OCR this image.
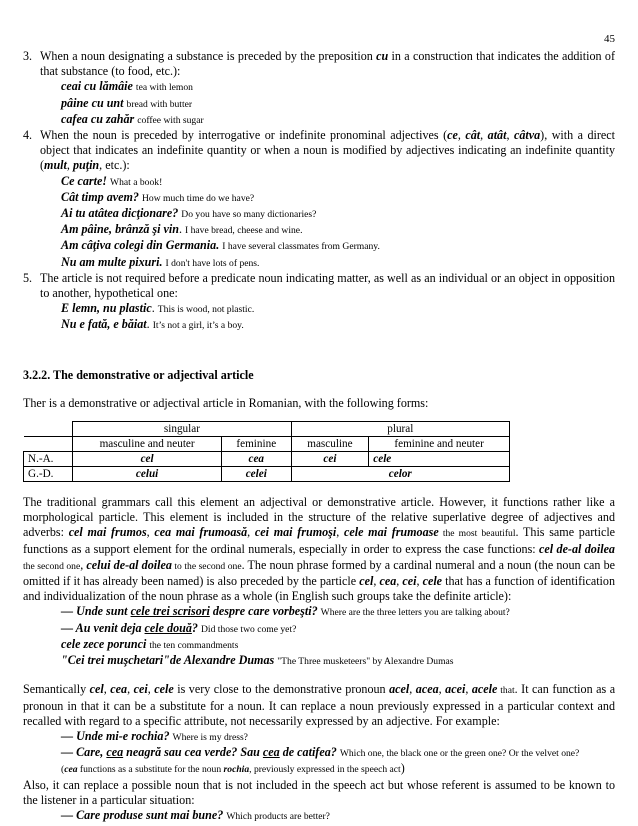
45
3. When a noun designating a substance is preceded by the preposition cu in a construction that indicates the addition of that substance (to food, etc.):
ceai cu lămâie tea with lemon
pâine cu unt bread with butter
cafea cu zahăr coffee with sugar
4. When the noun is preceded by interrogative or indefinite pronominal adjectives (ce, cât, atât, câtva), with a direct object that indicates an indefinite quantity or when a noun is modified by adjectives indicating an indefinite quantity (mult, puţin, etc.):
Ce carte! What a book!
Cât timp avem? How much time do we have?
Ai tu atâtea dicţionare? Do you have so many dictionaries?
Am pâine, brânză şi vin. I have bread, cheese and wine.
Am câţiva colegi din Germania. I have several classmates from Germany.
Nu am multe pixuri. I don't have lots of pens.
5. The article is not required before a predicate noun indicating matter, as well as an individual or an object in opposition to another, hypothetical one:
E lemn, nu plastic. This is wood, not plastic.
Nu e fată, e băiat. It’s not a girl, it’s a boy.
3.2.2. The demonstrative or adjectival article
Ther is a demonstrative or adjectival article in Romanian, with the following forms:
	singular		plural	
	masculine and neuter	feminine	masculine	feminine and neuter
N.-A.	cel	cea	cei	cele
G.-D.	celui	celei	celor	
The traditional grammars call this element an adjectival or demonstrative article. However, it functions rather like a morphological particle. This element is included in the structure of the relative superlative degree of adjectives and adverbs: cel mai frumos, cea mai frumoasă, cei mai frumoşi, cele mai frumoase the most beautiful. This same particle functions as a support element for the ordinal numerals, especially in order to express the case functions: cel de-al doilea the second one, celui de-al doilea to the second one. The noun phrase formed by a cardinal numeral and a noun (the noun can be omitted if it has already been named) is also preceded by the particle cel, cea, cei, cele that has a function of identification and individualization of the noun phrase as a whole (in English such groups take the definite article):
— Unde sunt cele trei scrisori despre care vorbeşti? Where are the three letters you are talking about?
— Au venit deja cele două? Did those two come yet?
cele zece porunci the ten commandments
"Cei trei muşchetari"de Alexandre Dumas "The Three musketeers" by Alexandre Dumas
Semantically cel, cea, cei, cele is very close to the demonstrative pronoun acel, acea, acei, acele that. It can function as a pronoun in that it can be a substitute for a noun. It can replace a noun previously expressed in a particular context and recalled with regard to a specific attribute, not necessarily expressed by an adjective. For example:
— Unde mi-e rochia? Where is my dress?
— Care, cea neagră sau cea verde? Sau cea de catifea? Which one, the black one or the green one? Or the velvet one?
(cea functions as a substitute for the noun rochia, previously expressed in the speech act)
Also, it can replace a possible noun that is not included in the speech act but whose referent is assumed to be known to the listener in a particular situation:
— Care produse sunt mai bune? Which products are better?
